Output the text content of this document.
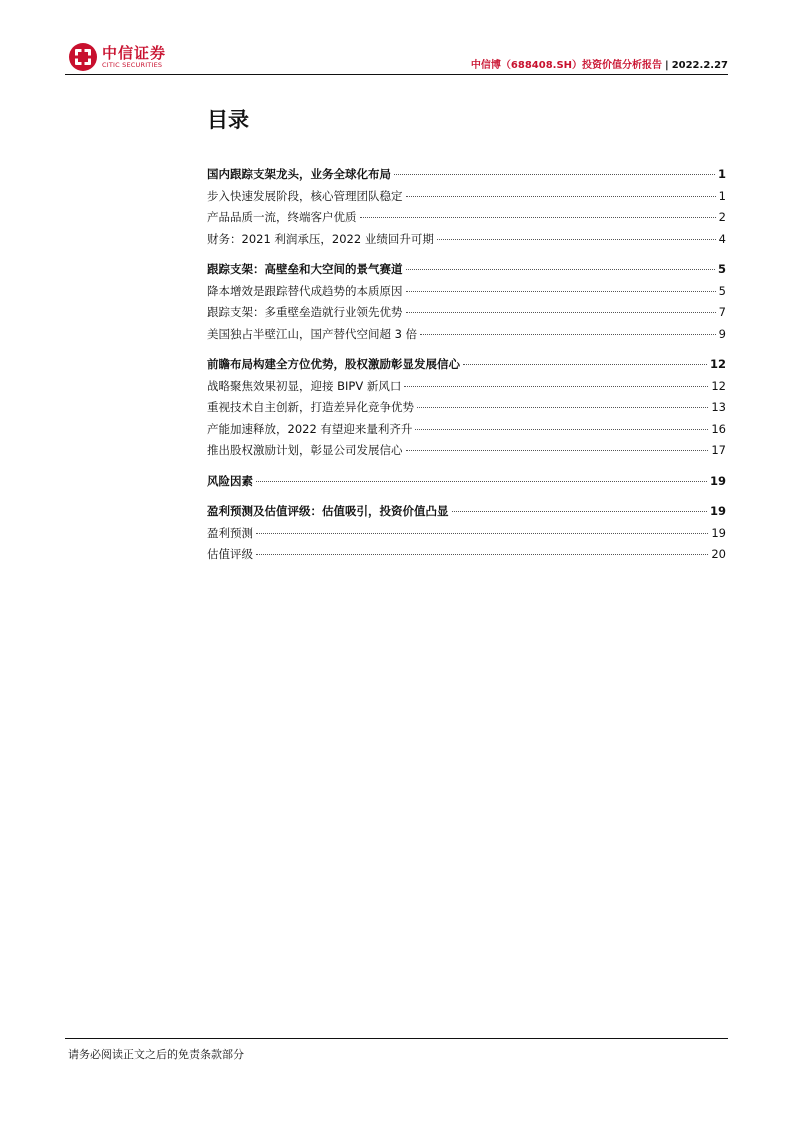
中信证券
CITIC SECURITIES	中信博（688408.SH）投资价值分析报告 | 2022.2.27
目录
国内跟踪支架龙头，业务全球化布局	1
步入快速发展阶段，核心管理团队稳定	1
产品品质一流，终端客户优质	2
财务：2021 利润承压，2022 业绩回升可期	4
跟踪支架：高壁垒和大空间的景气赛道	5
降本增效是跟踪替代成趋势的本质原因	5
跟踪支架：多重壁垒造就行业领先优势	7
美国独占半壁江山，国产替代空间超 3 倍	9
前瞻布局构建全方位优势，股权激励彰显发展信心	12
战略聚焦效果初显，迎接 BIPV 新风口	12
重视技术自主创新，打造差异化竞争优势	13
产能加速释放，2022 有望迎来量利齐升	16
推出股权激励计划，彰显公司发展信心	17
风险因素	19
盈利预测及估值评级：估值吸引，投资价值凸显	19
盈利预测	19
估值评级	20
请务必阅读正文之后的免责条款部分
